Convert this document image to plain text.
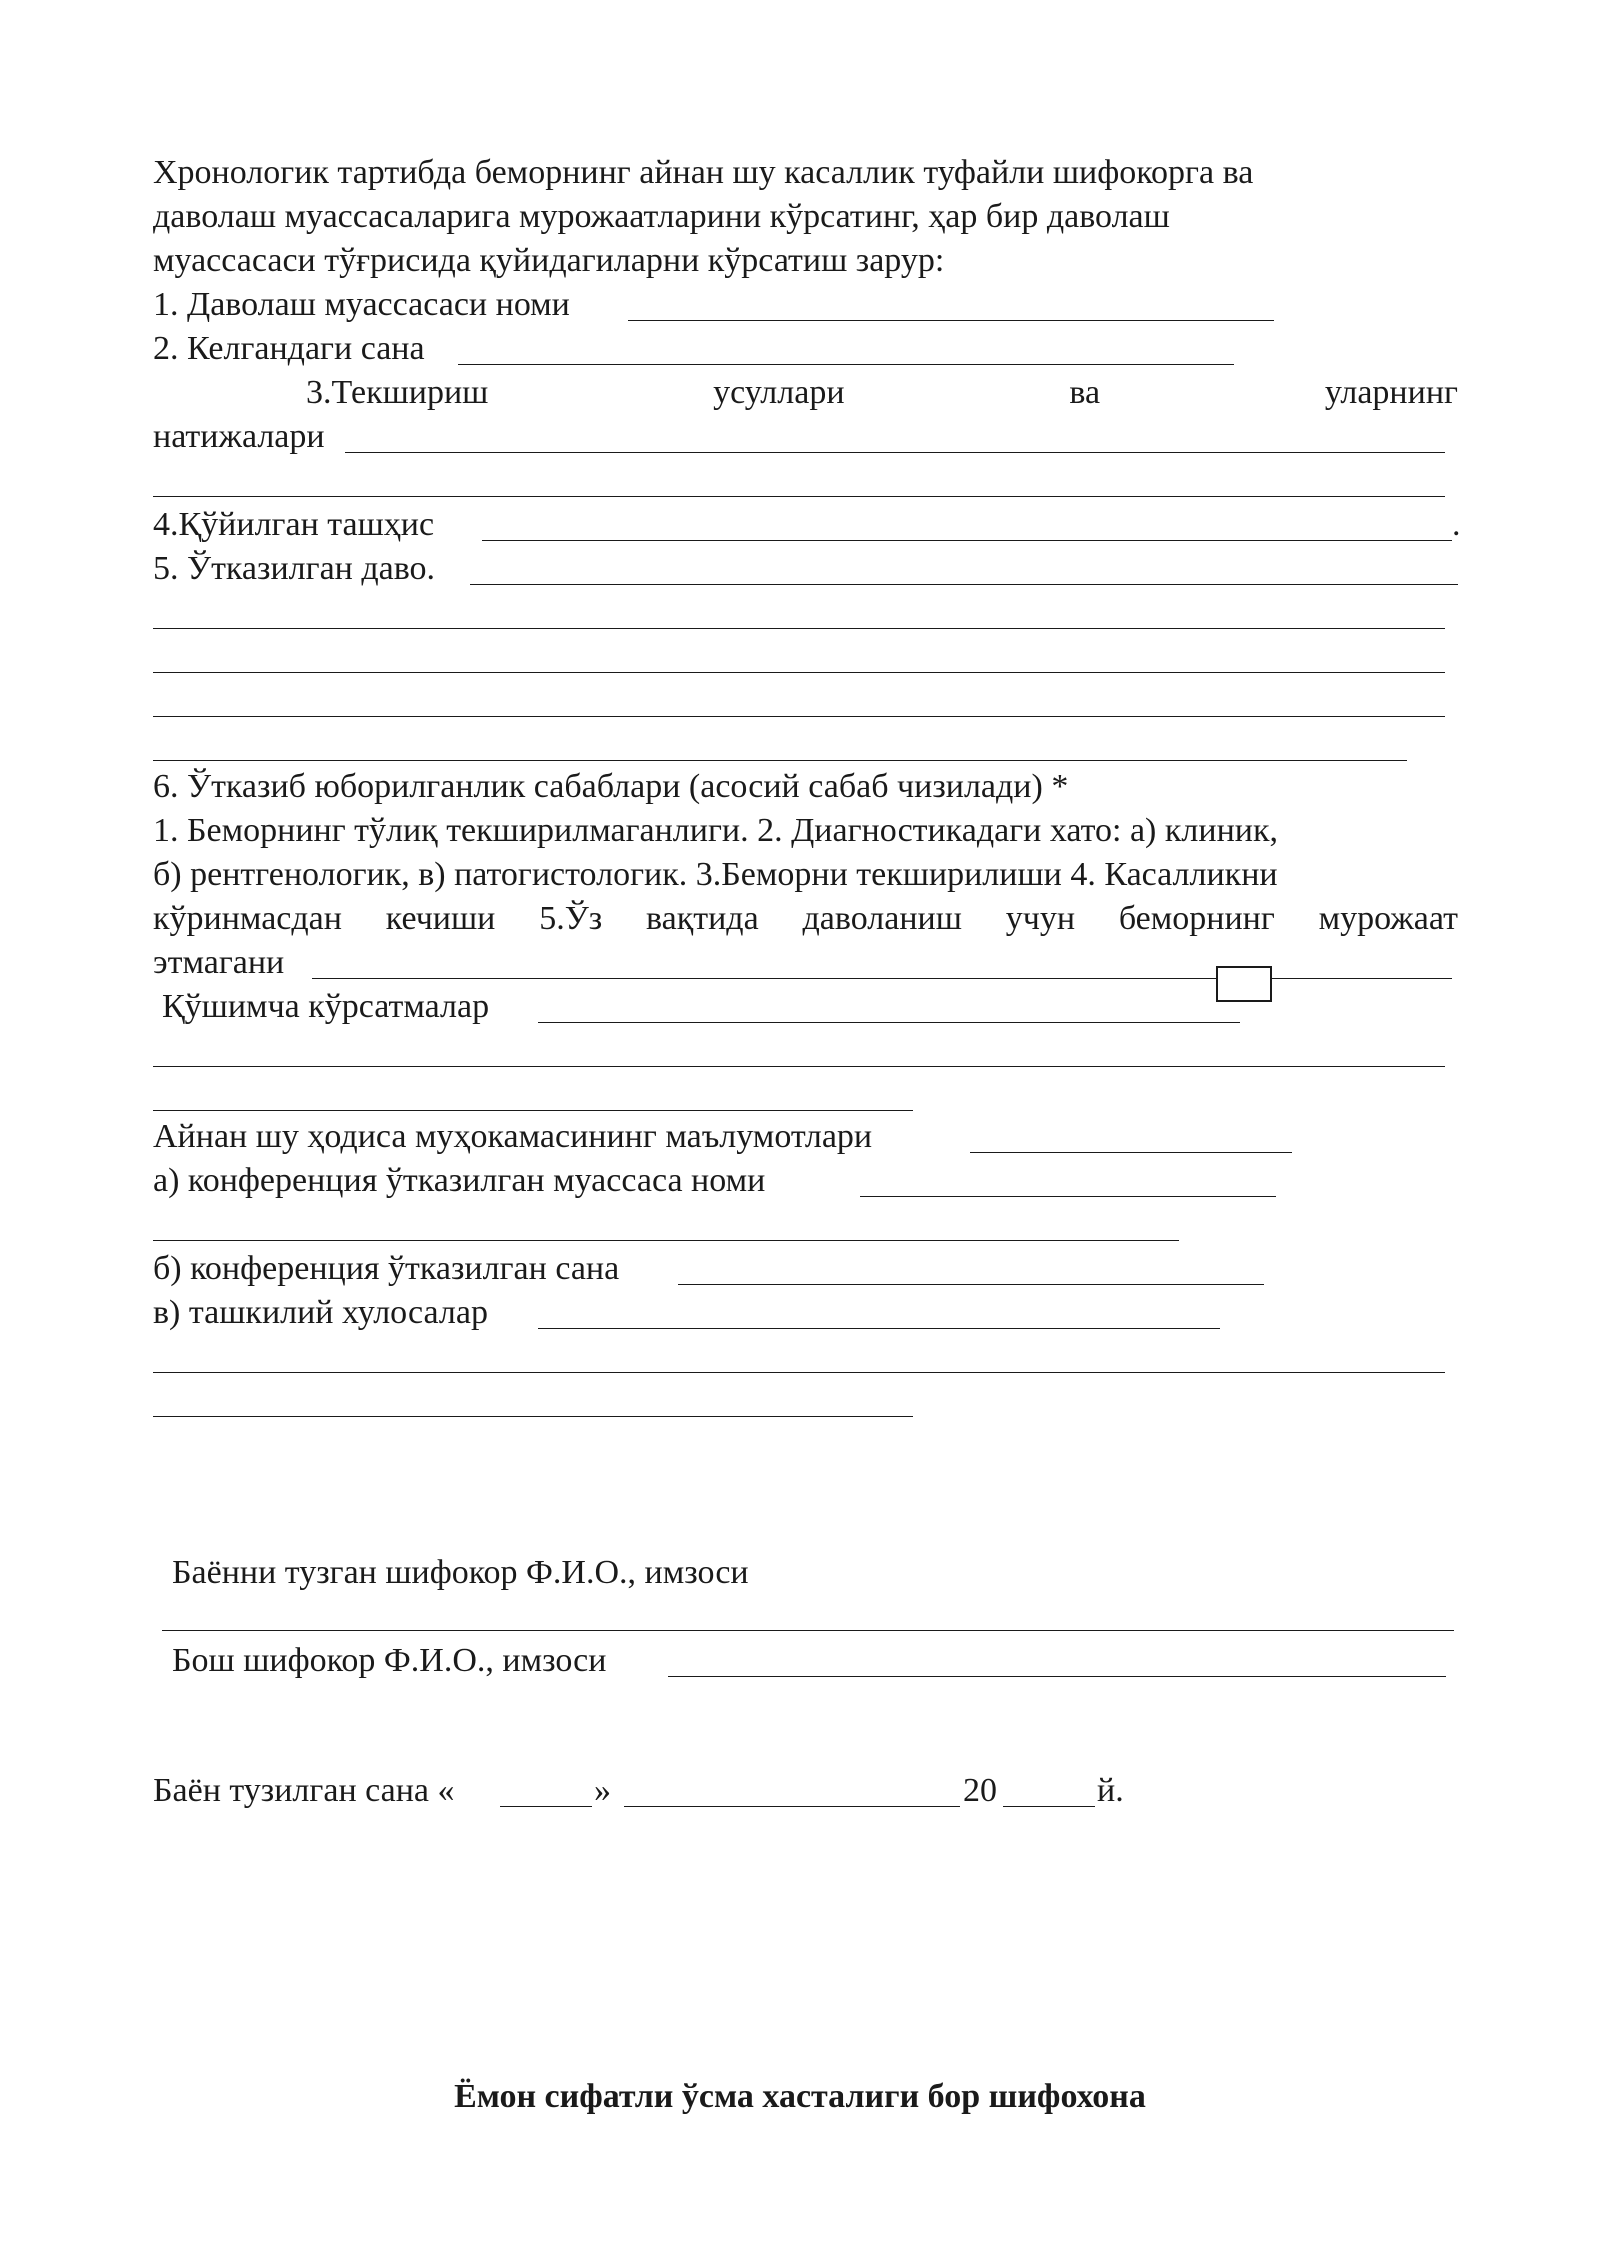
Хронологик тартибда беморнинг айнан шу касаллик туфайли шифокорга ва
даволаш муассасаларига мурожаатларини кўрсатинг, ҳар бир даволаш
муассасаси тўғрисида қуйидагиларни кўрсатиш зарур:
1. Даволаш муассасаси номи
2. Келгандаги сана
3.Текшириш	усуллари	ва	уларнинг
натижалари
4.Қўйилган ташҳис	.
5. Ўтказилган даво.
6. Ўтказиб юборилганлик сабаблари (асосий сабаб чизилади) *
1. Беморнинг тўлиқ текширилмаганлиги. 2. Диагностикадаги хато: а) клиник,
б) рентгенологик, в) патогистологик. 3.Беморни текширилиши 4. Касалликни
кўринмасдан кечиши 5.Ўз вақтида даволаниш учун беморнинг мурожаат
этмагани
Қўшимча кўрсатмалар
Айнан шу ҳодиса муҳокамасининг маълумотлари
а) конференция ўтказилган муассаса номи
б) конференция ўтказилган сана
в) ташкилий хулосалар
Баённи тузган шифокор Ф.И.О., имзоси
Бош шифокор Ф.И.О., имзоси
Баён тузилган сана «	»	20	й.
Ёмон сифатли ўсма хасталиги бор шифохона
